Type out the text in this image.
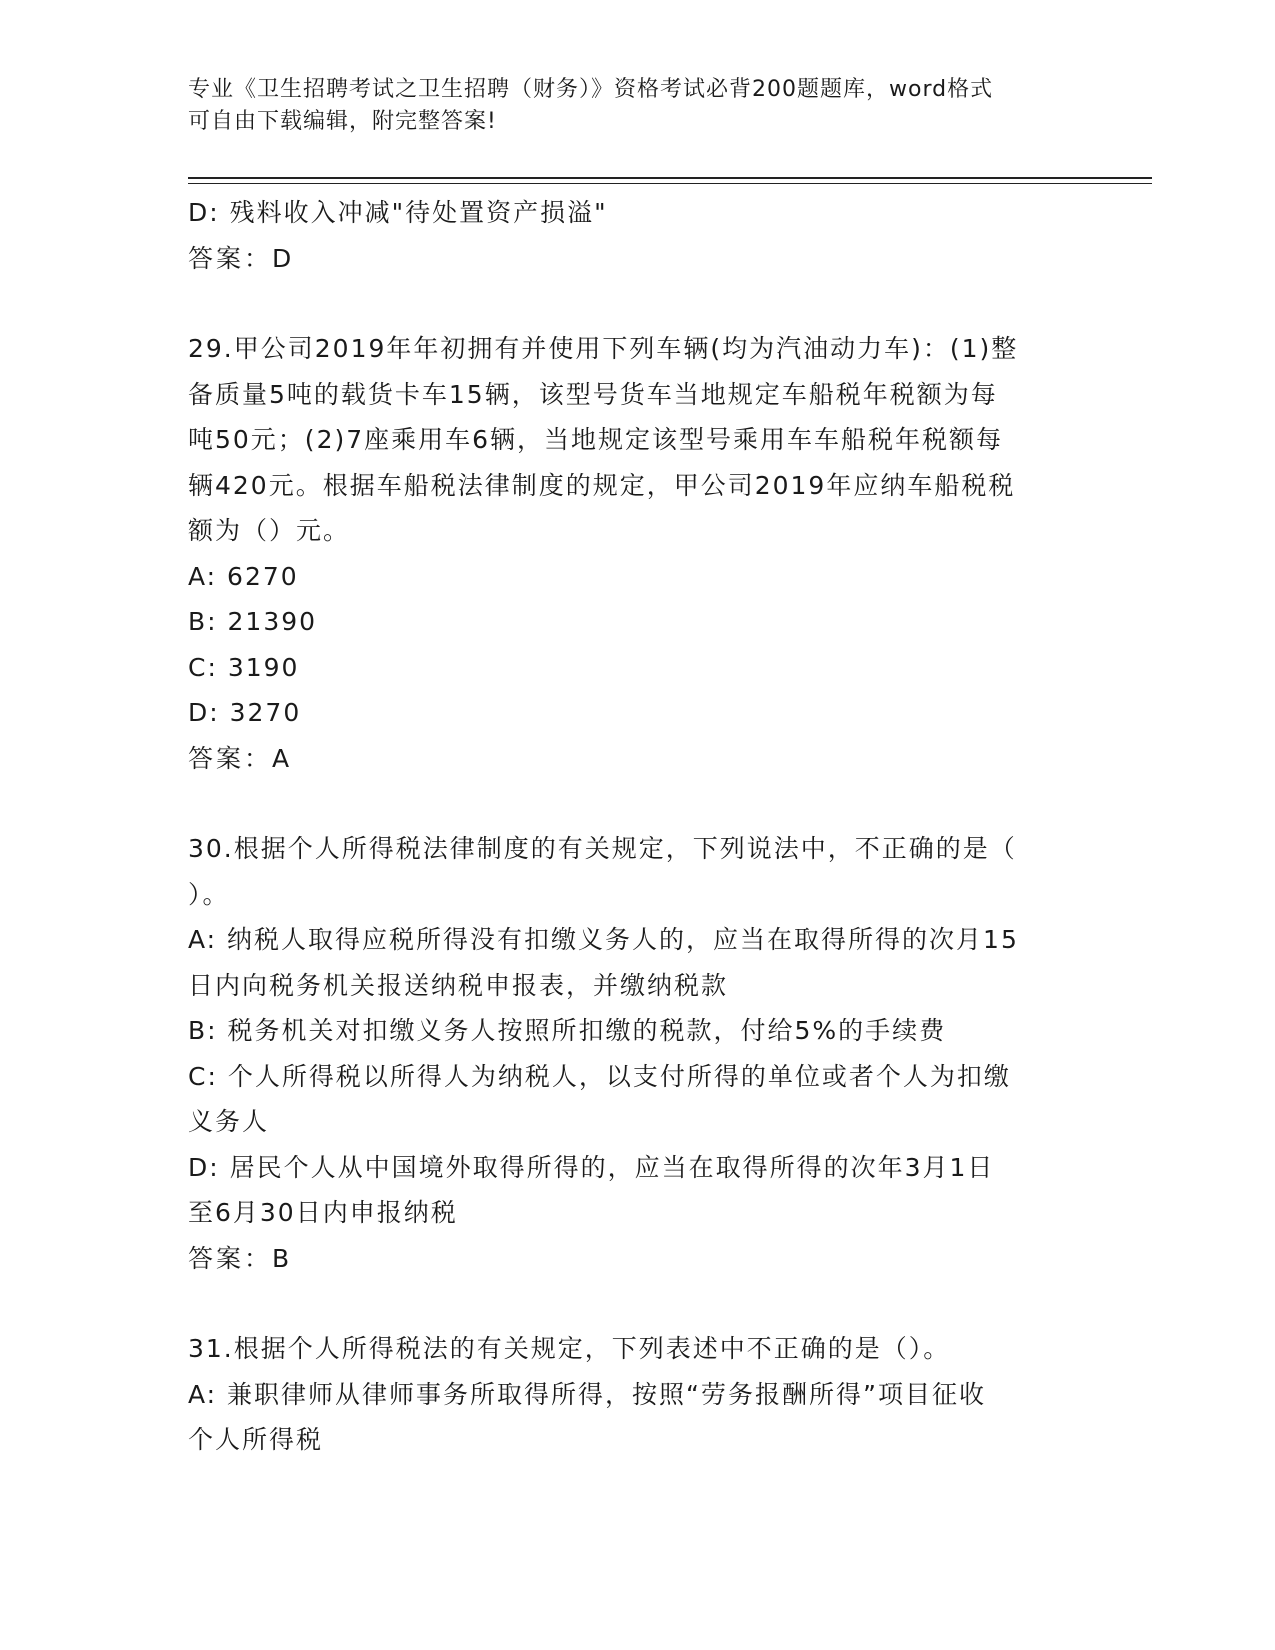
专业《卫生招聘考试之卫生招聘（财务）》资格考试必背200题题库，word格式

可自由下载编辑，附完整答案!

D: 残料收入冲减"待处置资产损溢"

答案：D

29.甲公司2019年年初拥有并使用下列车辆(均为汽油动力车)：(1)整

备质量5吨的载货卡车15辆，该型号货车当地规定车船税年税额为每

吨50元；(2)7座乘用车6辆，当地规定该型号乘用车车船税年税额每

辆420元。根据车船税法律制度的规定，甲公司2019年应纳车船税税

额为（）元。

A: 6270

B: 21390

C: 3190

D: 3270

答案：A

30.根据个人所得税法律制度的有关规定，下列说法中，不正确的是（

）。

A: 纳税人取得应税所得没有扣缴义务人的，应当在取得所得的次月15

日内向税务机关报送纳税申报表，并缴纳税款

B: 税务机关对扣缴义务人按照所扣缴的税款，付给5%的手续费

C: 个人所得税以所得人为纳税人，以支付所得的单位或者个人为扣缴

义务人

D: 居民个人从中国境外取得所得的，应当在取得所得的次年3月1日

至6月30日内申报纳税

答案：B

31.根据个人所得税法的有关规定，下列表述中不正确的是（）。

A: 兼职律师从律师事务所取得所得，按照“劳务报酬所得”项目征收

个人所得税
